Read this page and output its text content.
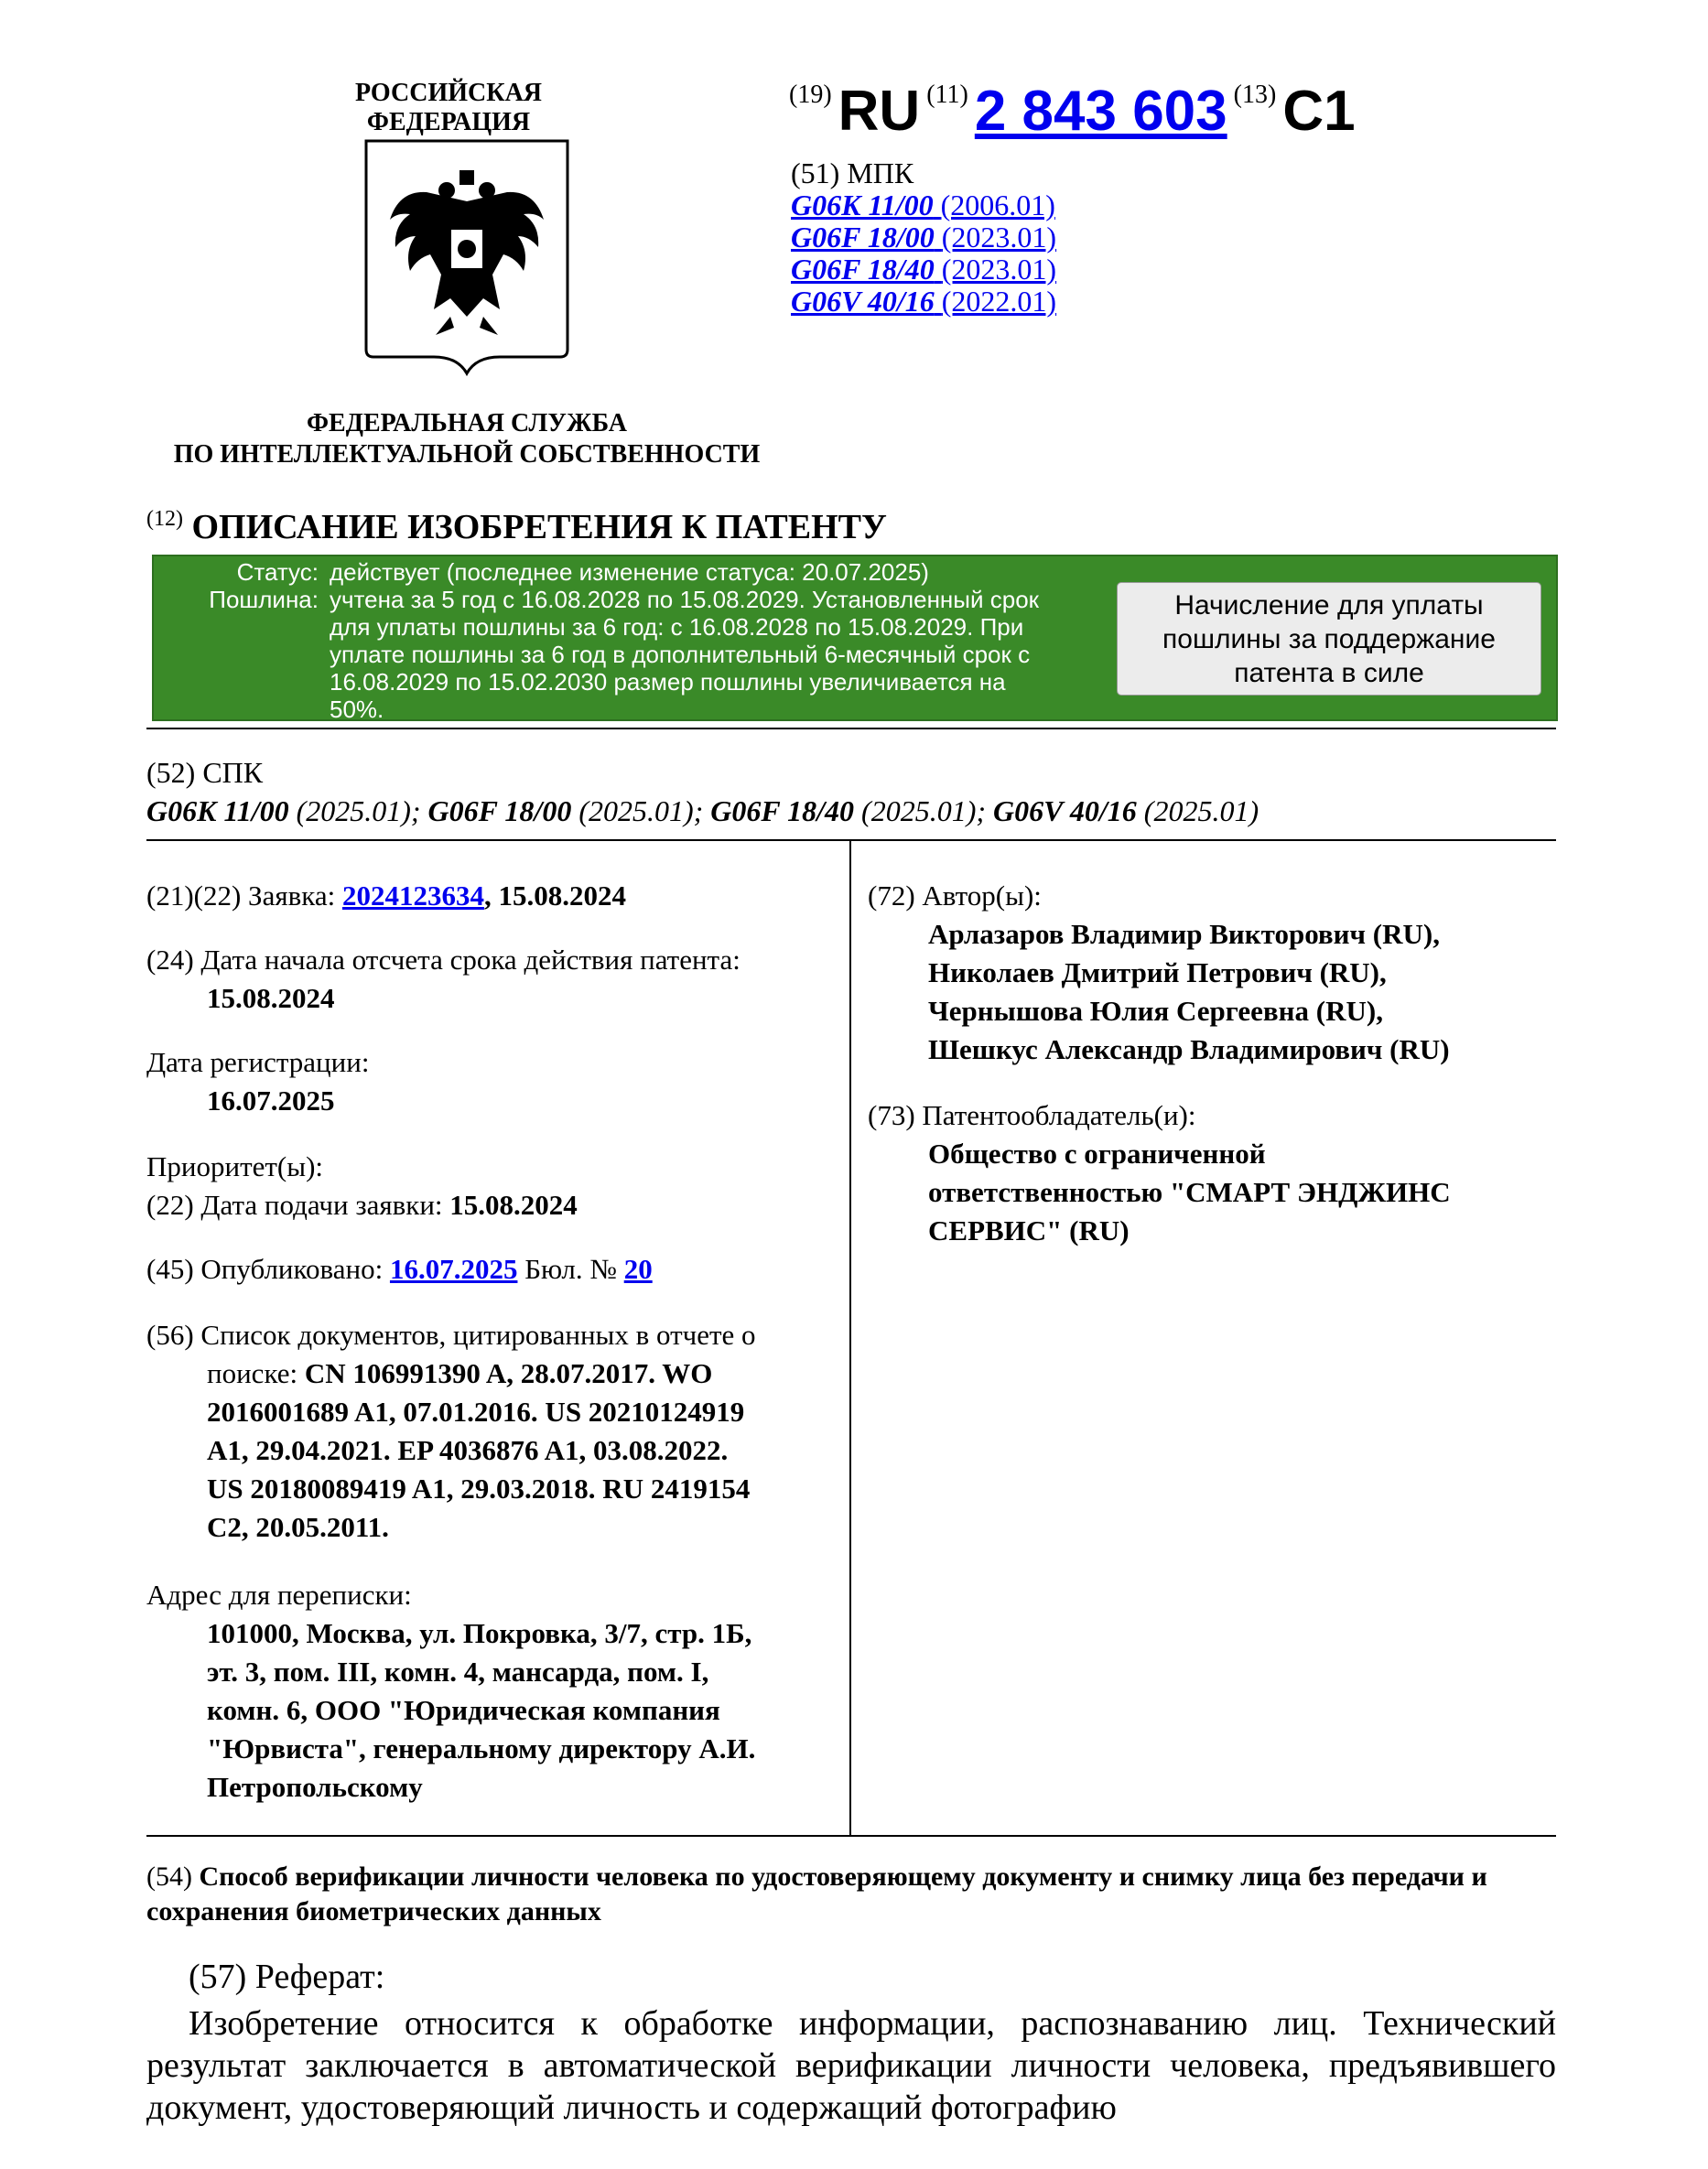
РОССИЙСКАЯ ФЕДЕРАЦИЯ
ФЕДЕРАЛЬНАЯ СЛУЖБА
ПО ИНТЕЛЛЕКТУАЛЬНОЙ СОБСТВЕННОСТИ
(19) RU (11) 2 843 603 (13) C1
(51) МПК
G06K 11/00 (2006.01)
G06F 18/00 (2023.01)
G06F 18/40 (2023.01)
G06V 40/16 (2022.01)
$^{(12)}$ ОПИСАНИЕ ИЗОБРЕТЕНИЯ К ПАТЕНТУ
Статус: действует (последнее изменение статуса: 20.07.2025)
Пошлина: учтена за 5 год с 16.08.2028 по 15.08.2029. Установленный срок
для уплаты пошлины за 6 год: с 16.08.2028 по 15.08.2029. При
уплате пошлины за 6 год в дополнительный 6-месячный срок с
16.08.2029 по 15.02.2030 размер пошлины увеличивается на
50%.
Начисление для уплаты
пошлины за поддержание
патента в силе
(52) СПК
G06K 11/00 (2025.01); G06F 18/00 (2025.01); G06F 18/40 (2025.01); G06V 40/16 (2025.01)
(21)(22) Заявка: 2024123634, 15.08.2024
(24) Дата начала отсчета срока действия патента:
15.08.2024
Дата регистрации:
16.07.2025
Приоритет(ы):
(22) Дата подачи заявки: 15.08.2024
(45) Опубликовано: 16.07.2025 Бюл. № 20
(56) Список документов, цитированных в отчете о
поиске: CN 106991390 A, 28.07.2017. WO
2016001689 A1, 07.01.2016. US 20210124919
A1, 29.04.2021. EP 4036876 A1, 03.08.2022.
US 20180089419 A1, 29.03.2018. RU 2419154
C2, 20.05.2011.
Адрес для переписки:
101000, Москва, ул. Покровка, 3/7, стр. 1Б,
эт. 3, пом. III, комн. 4, мансарда, пом. I,
комн. 6, ООО "Юридическая компания
"Юрвиста", генеральному директору А.И.
Петропольскому
(72) Автор(ы):
Арлазаров Владимир Викторович (RU),
Николаев Дмитрий Петрович (RU),
Чернышова Юлия Сергеевна (RU),
Шешкус Александр Владимирович (RU)
(73) Патентообладатель(и):
Общество с ограниченной
ответственностью "СМАРТ ЭНДЖИНС
СЕРВИС" (RU)
(54) Способ верификации личности человека по удостоверяющему документу и снимку лица без передачи и сохранения биометрических данных
(57) Реферат:
Изобретение относится к обработке информации, распознаванию лиц. Технический результат заключается в автоматической верификации личности человека, предъявившего документ, удостоверяющий личность и содержащий фотографию
